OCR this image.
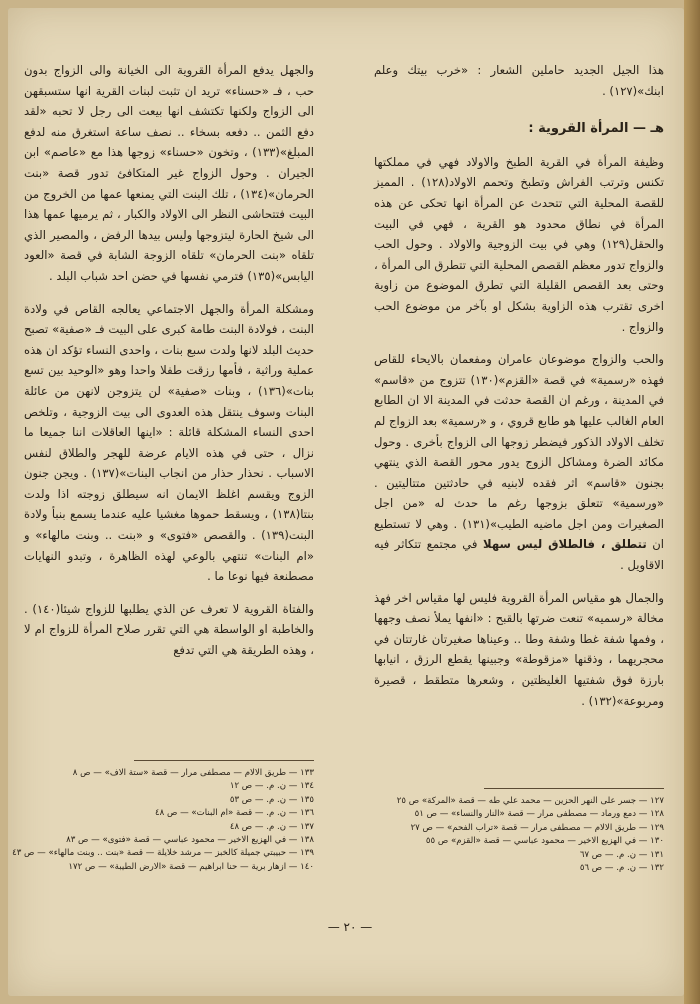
هذا الجيل الجديد حاملين الشعار : «خرب بيتك وعلم ابنك»(١٢٧) .

هـ — المرأة القروية :

وظيفة المرأة في القرية الطبخ والاولاد فهي في مملكتها تكنس وترتب الفراش وتطبخ وتحمم الاولاد(١٢٨) . المميز للقصة المحلية التي تتحدث عن المرأة انها تحكى عن هذه المرأة في نطاق محدود هو القرية ، فهي في البيت والحقل(١٢٩) وهي في بيت الزوجية والاولاد . وحول الحب والزواج تدور معظم القصص المحلية التي تتطرق الى المرأة ، وحتى بعد القصص القليلة التي تطرق الموضوع من زاوية اخرى تقترب هذه الزاوية بشكل او بآخر من موضوع الحب والزواج .

والحب والزواج موضوعان عامران ومفعمان بالايحاء للقاص فهذه «رسمية» في قصة «القزم»(١٣٠) تتزوج من «قاسم» في المدينة ، ورغم ان القصة حدثت في المدينة الا ان الطابع العام الغالب عليها هو طابع قروي ، و «رسمية» بعد الزواج لم تخلف الاولاد الذكور فيضطر زوجها الى الزواج بأخرى . وحول مكائد الضرة ومشاكل الزوج يدور محور القصة الذي ينتهي بجنون «قاسم» اثر فقده لابنيه في حادثتين متتاليتين . «ورسمية» تتعلق بزوجها رغم ما حدث له «من اجل الصغيرات ومن اجل ماضيه الطيب»(١٣١) . وهي لا تستطيع ان تتطلق ، فالطلاق ليس سهلا في مجتمع تتكاثر فيه الاقاويل .

والجمال هو مقياس المرأة القروية فليس لها مقياس اخر فهذ مخالة «رسميه» تنعت ضرتها بالقبح : «انفها يملأ نصف وجهها ، وفمها شفة غطا وشفة وطا .. وعيناها صغيرتان غارتتان في محجريهما ، وذقنها «مزقوطة» وجبينها يقطع الرزق ، انيابها بارزة فوق شفتيها الغليظتين ، وشعرها متطقط ، قصيرة ومربوعة»(١٣٢) .

والجهل يدفع المرأة القروية الى الخيانة والى الزواج بدون حب ، فـ «حسناء» تريد ان تثبت لبنات القرية انها ستسبقهن الى الزواج ولكنها تكتشف انها بيعت الى رجل لا تحبه «لقد دفع الثمن .. دفعه بسخاء .. نصف ساعة استغرق منه لدفع المبلغ»(١٣٣) ، وتخون «حسناء» زوجها هذا مع «عاصم» ابن الجيران . وحول الزواج غير المتكافئ تدور قصة «بنت الحرمان»(١٣٤) ، تلك البنت التي يمنعها عمها من الخروج من البيت فتتحاشى النظر الى الاولاد والكبار ، ثم يرميها عمها هذا الى شيخ الحارة ليتزوجها وليس بيدها الرفض ، والمصير الذي تلقاه «بنت الحرمان» تلقاه الزوجة الشابة في قصة «العود اليابس»(١٣٥) فترمي نفسها في حضن احد شباب البلد .

ومشكلة المرأة والجهل الاجتماعي يعالجه القاص في ولادة البنت ، فولادة البنت طامة كبرى على البيت فـ «صفية» تصبح حديث البلد لانها ولدت سبع بنات ، واحدى النساء تؤكد ان هذه عملية وراثية ، فأمها رزقت طفلا واحدا وهو «الوحيد بين تسع بنات»(١٣٦) ، وبنات «صفية» لن يتزوجن لانهن من عائلة البنات وسوف ينتقل هذه العدوى الى بيت الزوجية ، وتلخص احدى النساء المشكلة قائلة : «اينها العاقلات اننا جميعا ما نزال ، حتى في هذه الايام عرضة للهجر والطلاق لنفس الاسباب . نحذار حذار من انجاب البنات»(١٣٧) . ويجن جنون الزوج ويقسم اغلظ الايمان انه سيطلق زوجته اذا ولدت بنتا(١٣٨) ، ويسقط حموها مغشيا عليه عندما يسمع بنبأ ولادة البنت(١٣٩) . والقصص «فتوى» و «بنت .. وبنت مالهاء» و «ام البنات» تنتهي بالوعي لهذه الظاهرة ، وتبدو النهايات مصطنعة فيها نوعا ما .

والفتاة القروية لا تعرف عن الذي يطلبها للزواج شيئا(١٤٠) . والخاطبة او الواسطة هي التي تقرر صلاح المرأة للزواج ام لا ، وهذه الطريقة هي التي تدفع

١٢٧ — جسر على النهر الحزين — محمد علي طه — قصة «المركة» ص ٢٥
١٢٨ — دمع ورماد — مصطفى مرار — قصة «النار والنساء» — ص ٥١
١٢٩ — طريق الالام — مصطفى مرار — قصة «تراب الفحم» — ص ٢٧
١٣٠ — في الهزيع الاخير — محمود عباسي — قصة «القزم» ص ٥٥
١٣١ — ن. م. — ص ٦٧
١٣٢ — ن. م. — ص ٥٦
١٣٣ — طريق الالام — مصطفى مرار — قصة «ستة الاف» — ص ٨
١٣٤ — ن. م. — ص ١٢
١٣٥ — ن. م. — ص ٥٣
١٣٦ — ن. م. — قصة «ام البنات» — ص ٤٨
١٣٧ — ن. م. — ص ٤٨
١٣٨ — في الهزيع الاخير — محمود عباسي — قصة «فتوى» — ص ٨٣
١٣٩ — حبيبتي جميلة كالخبز — مرشد خلايلة — قصة «بنت .. وبنت مالهاء» — ص ٤٣
١٤٠ — ازهار برية — حنا ابراهيم — قصة «الارض الطيبة» — ص ١٧٢
— ٢٠ —
